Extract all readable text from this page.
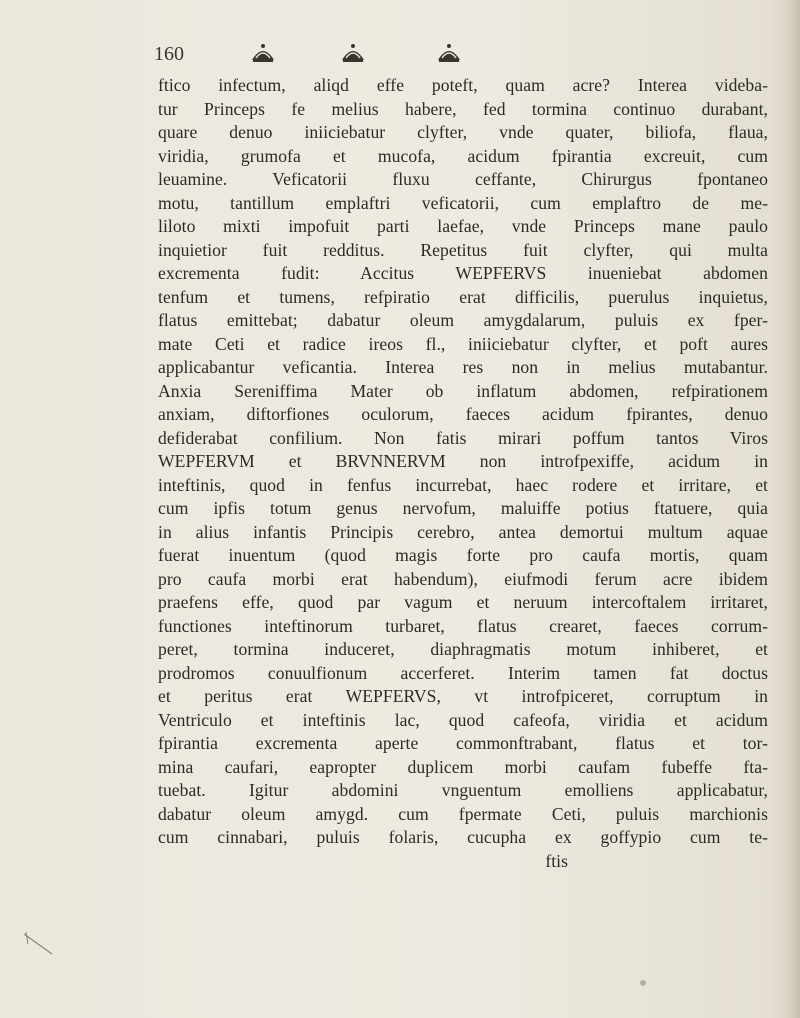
160
ftico infectum, aliqd effe poteft, quam acre? Interea videba-
tur Princeps fe melius habere, fed tormina continuo durabant,
quare denuo iniiciebatur clyfter, vnde quater, biliofa, flaua,
viridia, grumofa et mucofa, acidum fpirantia excreuit, cum
leuamine. Veficatorii fluxu ceffante, Chirurgus fpontaneo
motu, tantillum emplaftri veficatorii, cum emplaftro de me-
liloto mixti impofuit parti laefae, vnde Princeps mane paulo
inquietior fuit redditus. Repetitus fuit clyfter, qui multa
excrementa fudit: Accitus WEPFERVS inueniebat abdomen
tenfum et tumens, refpiratio erat difficilis, puerulus inquietus,
flatus emittebat; dabatur oleum amygdalarum, puluis ex fper-
mate Ceti et radice ireos fl., iniiciebatur clyfter, et poft aures
applicabantur veficantia. Interea res non in melius mutabantur.
Anxia Sereniffima Mater ob inflatum abdomen, refpirationem
anxiam, diftorfiones oculorum, faeces acidum fpirantes, denuo
defiderabat confilium. Non fatis mirari poffum tantos Viros
WEPFERVM et BRVNNERVM non introfpexiffe, acidum in
inteftinis, quod in fenfus incurrebat, haec rodere et irritare, et
cum ipfis totum genus nervofum, maluiffe potius ftatuere, quia
in alius infantis Principis cerebro, antea demortui multum aquae
fuerat inuentum (quod magis forte pro caufa mortis, quam
pro caufa morbi erat habendum), eiufmodi ferum acre ibidem
praefens effe, quod par vagum et neruum intercoftalem irritaret,
functiones inteftinorum turbaret, flatus crearet, faeces corrum-
peret, tormina induceret, diaphragmatis motum inhiberet, et
prodromos conuulfionum accerferet. Interim tamen fat doctus
et peritus erat WEPFERVS, vt introfpiceret, corruptum in
Ventriculo et inteftinis lac, quod cafeofa, viridia et acidum
fpirantia excrementa aperte commonftrabant, flatus et tor-
mina caufari, eapropter duplicem morbi caufam fubeffe fta-
tuebat. Igitur abdomini vnguentum emolliens applicabatur,
dabatur oleum amygd. cum fpermate Ceti, puluis marchionis
cum cinnabari, puluis folaris, cucupha ex goffypio cum te-
ftis
